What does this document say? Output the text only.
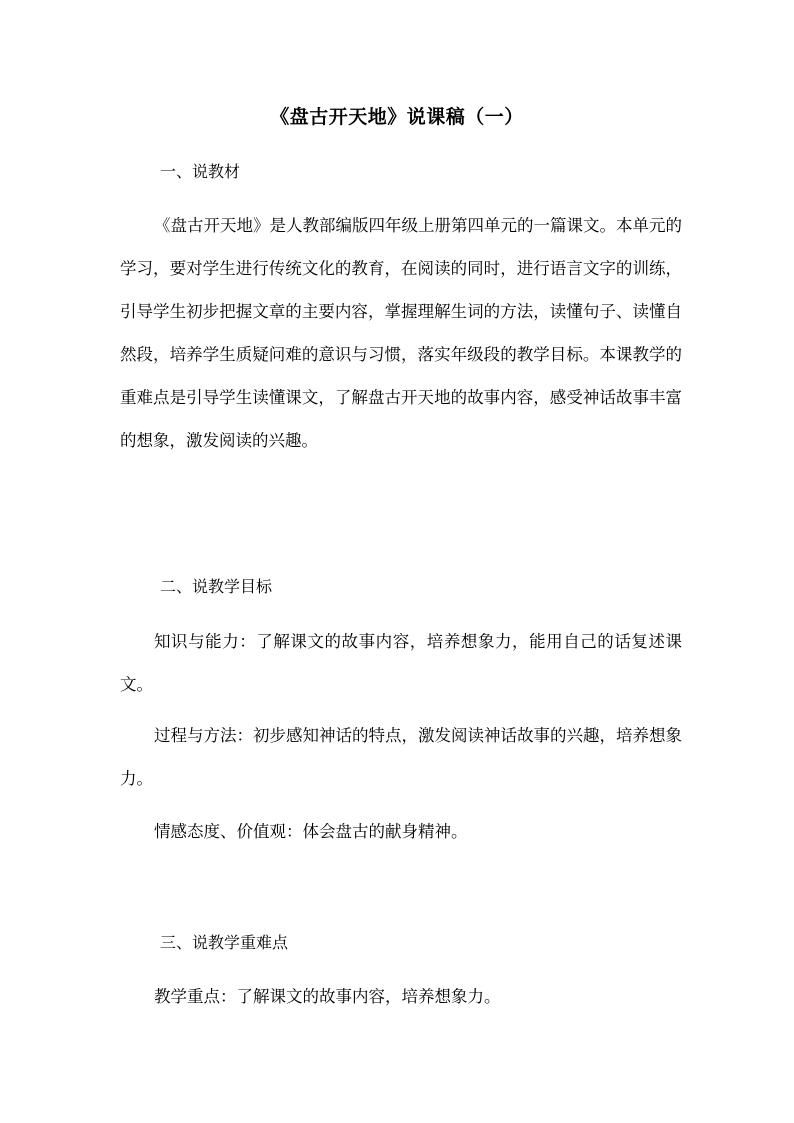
《盘古开天地》说课稿（一）
一、说教材
《盘古开天地》是人教部编版四年级上册第四单元的一篇课文。本单元的学习，要对学生进行传统文化的教育，在阅读的同时，进行语言文字的训练，引导学生初步把握文章的主要内容，掌握理解生词的方法，读懂句子、读懂自然段，培养学生质疑问难的意识与习惯，落实年级段的教学目标。本课教学的重难点是引导学生读懂课文，了解盘古开天地的故事内容，感受神话故事丰富的想象，激发阅读的兴趣。
二、说教学目标
知识与能力：了解课文的故事内容，培养想象力，能用自己的话复述课文。
过程与方法：初步感知神话的特点，激发阅读神话故事的兴趣，培养想象力。
情感态度、价值观：体会盘古的献身精神。
三、说教学重难点
教学重点：了解课文的故事内容，培养想象力。
